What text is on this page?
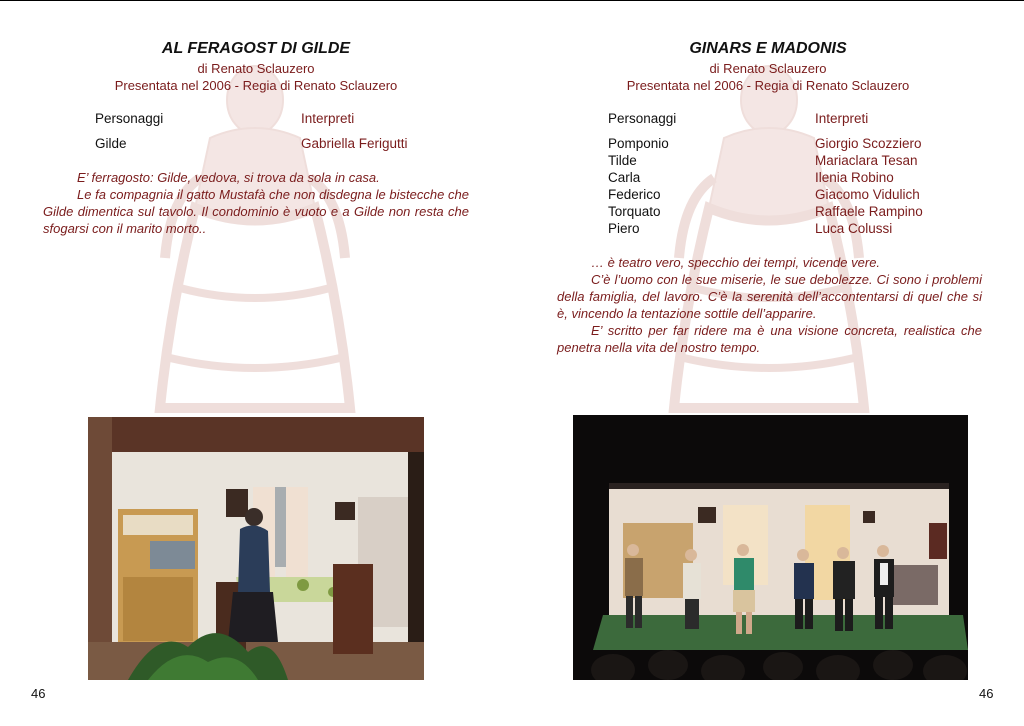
AL FERAGOST DI GILDE
di Renato Sclauzero
Presentata nel 2006 - Regia di Renato Sclauzero
Personaggi	Interpreti
Gilde	Gabriella Ferigutti

E’ ferragosto: Gilde, vedova, si trova da sola in casa.

Le fa compagnia il gatto Mustafà che non disdegna le bistecche che Gilde dimentica sul tavolo. Il condominio è vuoto e a Gilde non resta che sfogarsi con il marito morto..

46
GINARS E MADONIS
di Renato Sclauzero
Presentata nel 2006 - Regia di Renato Sclauzero
Personaggi	Interpreti
Pomponio	Giorgio Scozziero
Tilde	Mariaclara Tesan
Carla	Ilenia Robino
Federico	Giacomo Vidulich
Torquato	Raffaele Rampino
Piero	Luca Colussi

… è teatro vero, specchio dei tempi, vicende vere.

C’è l’uomo con le sue miserie, le sue debolezze. Ci sono i problemi della famiglia, del lavoro. C’è la serenità dell’accontentarsi di quel che si è, vincendo la tentazione sottile dell’apparire.

E’ scritto per far ridere ma è una visione concreta, realistica che penetra nella vita del nostro tempo.

46
